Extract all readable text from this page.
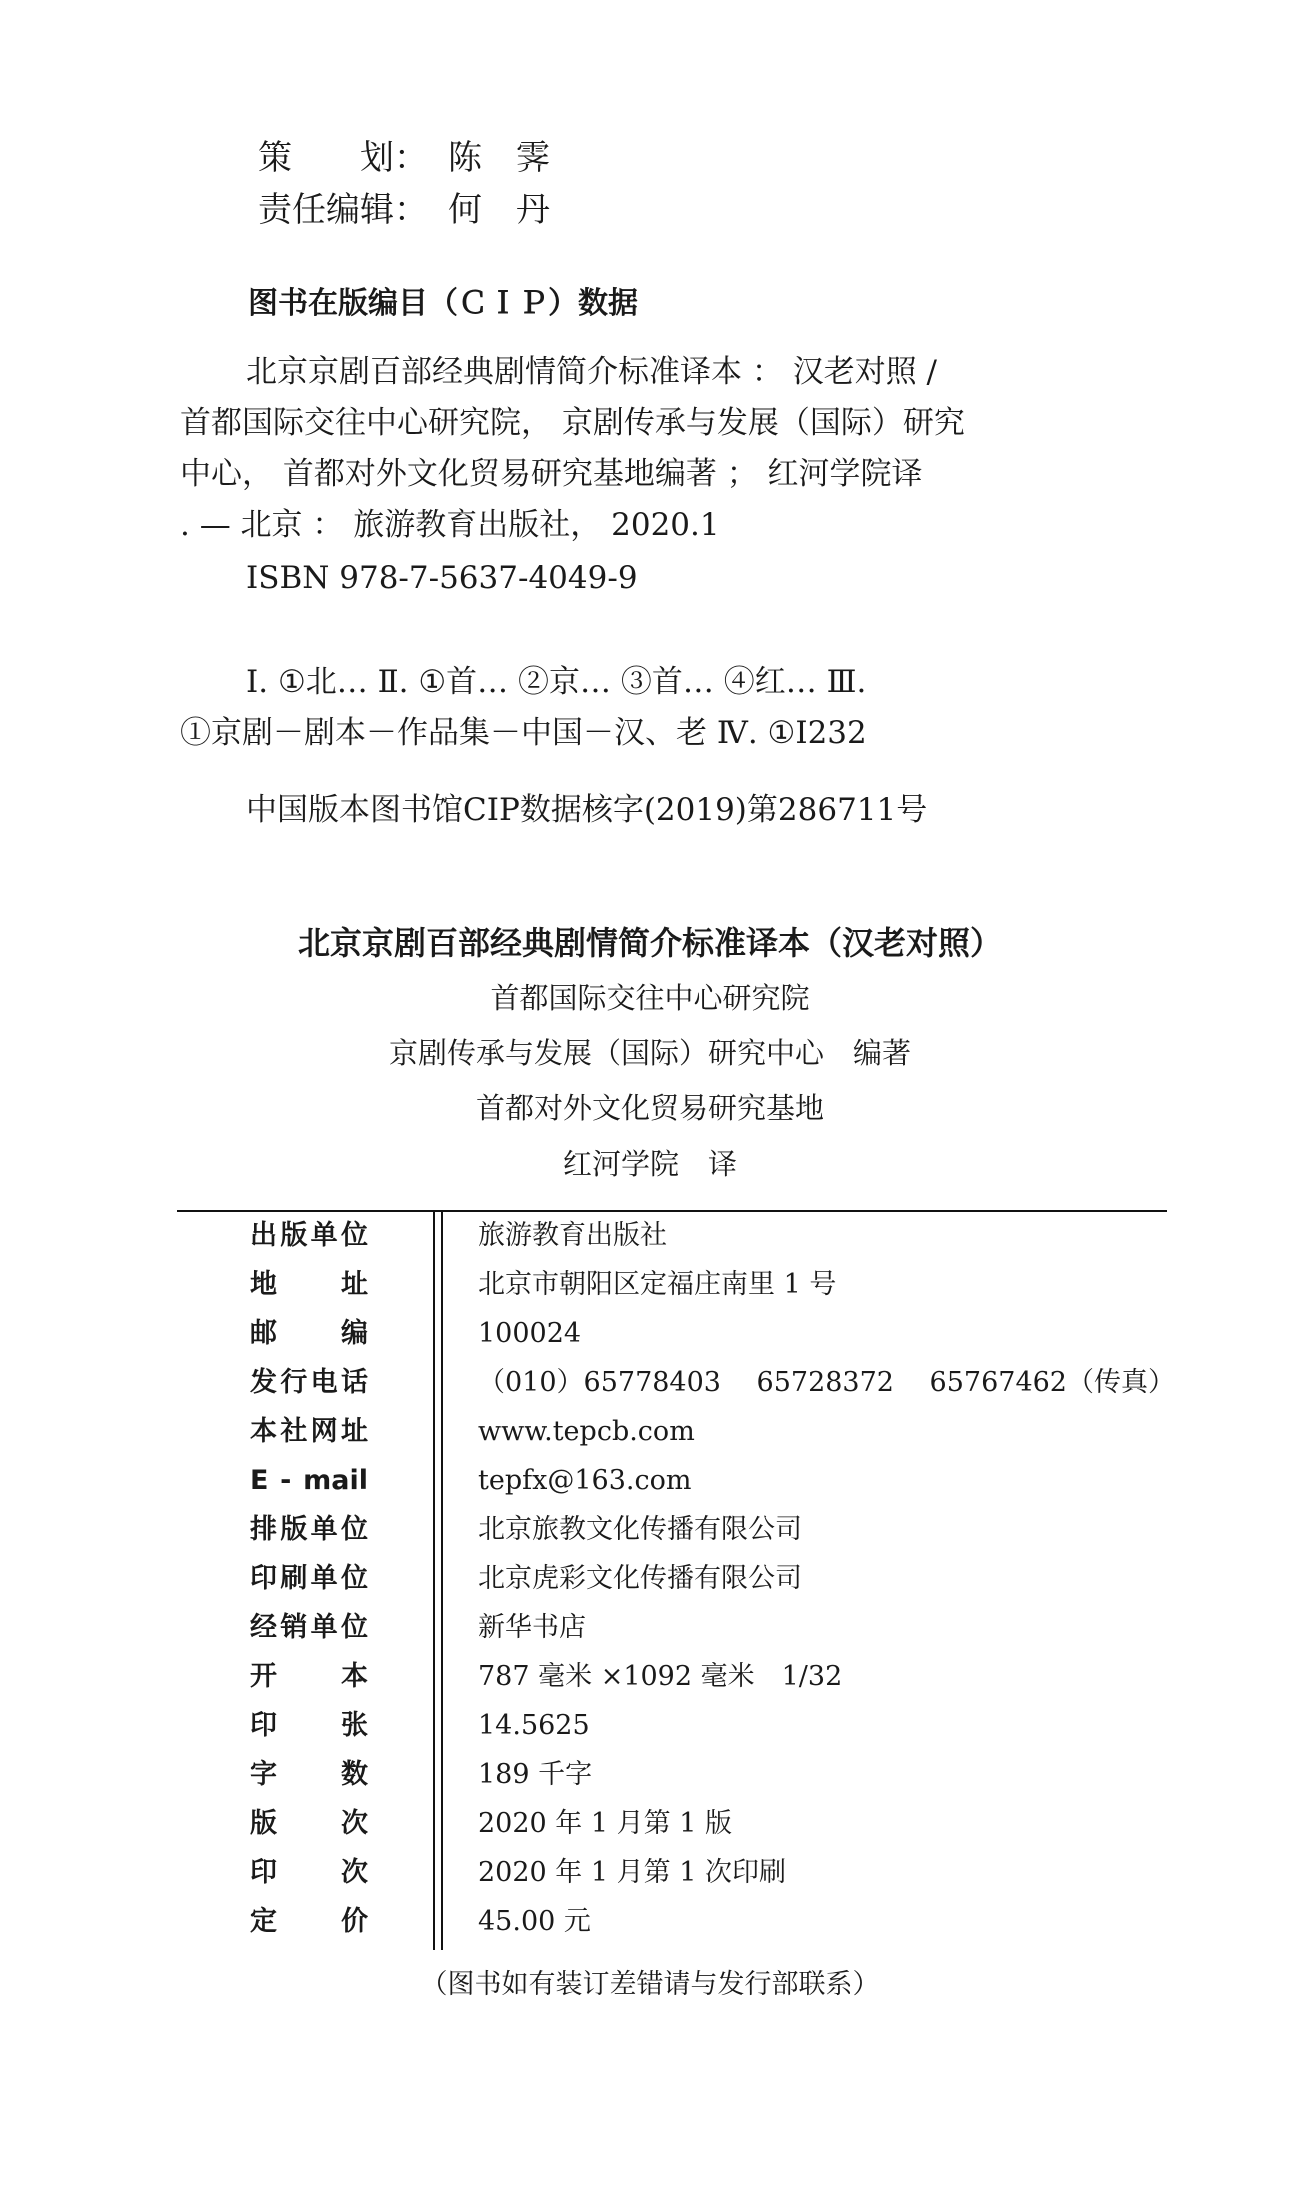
策　　划： 陈　霁
责任编辑： 何　丹
图书在版编目（ＣＩＰ）数据
北京京剧百部经典剧情简介标准译本 ： 汉老对照 /
首都国际交往中心研究院， 京剧传承与发展（国际）研究
中心， 首都对外文化贸易研究基地编著 ； 红河学院译
. — 北京 ： 旅游教育出版社， 2020.1
ISBN 978-7-5637-4049-9
Ⅰ. ①北… Ⅱ. ①首… ②京… ③首… ④红… Ⅲ.
①京剧－剧本－作品集－中国－汉、老 Ⅳ. ①I232
中国版本图书馆CIP数据核字(2019)第286711号
北京京剧百部经典剧情简介标准译本（汉老对照）
首都国际交往中心研究院
京剧传承与发展（国际）研究中心　编著
首都对外文化贸易研究基地
红河学院　译
出版单位	旅游教育出版社
地　址	北京市朝阳区定福庄南里 1 号
邮　编	100024
发行电话	（010）65778403　 65728372　 65767462（传真）
本社网址	www.tepcb.com
E - mail	tepfx@163.com
排版单位	北京旅教文化传播有限公司
印刷单位	北京虎彩文化传播有限公司
经销单位	新华书店
开　本	787 毫米 ×1092 毫米　1/32
印　张	14.5625
字　数	189 千字
版　次	2020 年 1 月第 1 版
印　次	2020 年 1 月第 1 次印刷
定　价	45.00 元
（图书如有装订差错请与发行部联系）
